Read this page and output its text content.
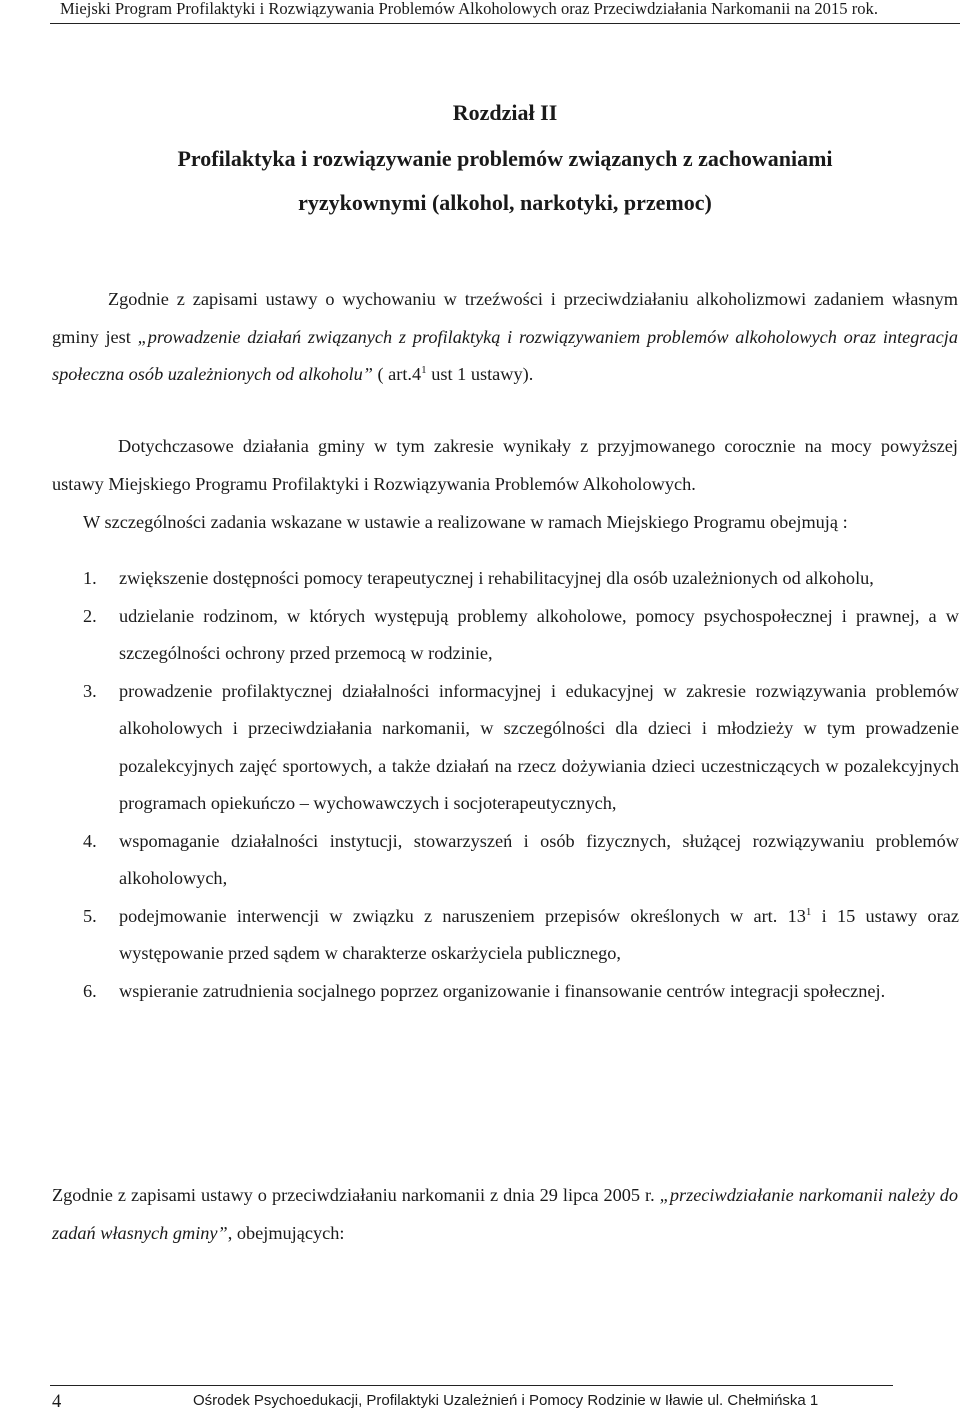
Miejski Program Profilaktyki i Rozwiązywania Problemów Alkoholowych oraz Przeciwdziałania Narkomanii na 2015 rok.
Rozdział II
Profilaktyka i rozwiązywanie problemów związanych z zachowaniami
ryzykownymi (alkohol, narkotyki, przemoc)

Zgodnie z zapisami ustawy o wychowaniu w trzeźwości i przeciwdziałaniu alkoholizmowi zadaniem własnym gminy jest „prowadzenie działań związanych z profilaktyką i rozwiązywaniem problemów alkoholowych oraz integracja społeczna osób uzależnionych od alkoholu” ( $art.4^1$ ust 1 ustawy).

Dotychczasowe działania gminy w tym zakresie wynikały z przyjmowanego corocznie na mocy powyższej ustawy Miejskiego Programu Profilaktyki i Rozwiązywania Problemów Alkoholowych.

W szczególności zadania wskazane w ustawie a realizowane w ramach Miejskiego Programu obejmują :

1. zwiększenie dostępności pomocy terapeutycznej i rehabilitacyjnej dla osób uzależnionych od alkoholu,
2. udzielanie rodzinom, w których występują problemy alkoholowe, pomocy psychospołecznej i prawnej, a w szczególności ochrony przed przemocą w rodzinie,
3. prowadzenie profilaktycznej działalności informacyjnej i edukacyjnej w zakresie rozwiązywania problemów alkoholowych i przeciwdziałania narkomanii, w szczególności dla dzieci i młodzieży w tym prowadzenie pozalekcyjnych zajęć sportowych, a także działań na rzecz dożywiania dzieci uczestniczących w pozalekcyjnych programach opiekuńczo – wychowawczych i socjoterapeutycznych,
4. wspomaganie działalności instytucji, stowarzyszeń i osób fizycznych, służącej rozwiązywaniu problemów alkoholowych,
5. podejmowanie interwencji w związku z naruszeniem przepisów określonych w art. $13^1$ i 15 ustawy oraz występowanie przed sądem w charakterze oskarżyciela publicznego,
6. wspieranie zatrudnienia socjalnego poprzez organizowanie i finansowanie centrów integracji społecznej.

Zgodnie z zapisami ustawy o przeciwdziałaniu narkomanii z dnia 29 lipca 2005 r. „przeciwdziałanie narkomanii należy do zadań własnych gminy”, obejmujących:

4	Ośrodek Psychoedukacji, Profilaktyki Uzależnień i Pomocy Rodzinie w Iławie ul. Chełmińska 1
